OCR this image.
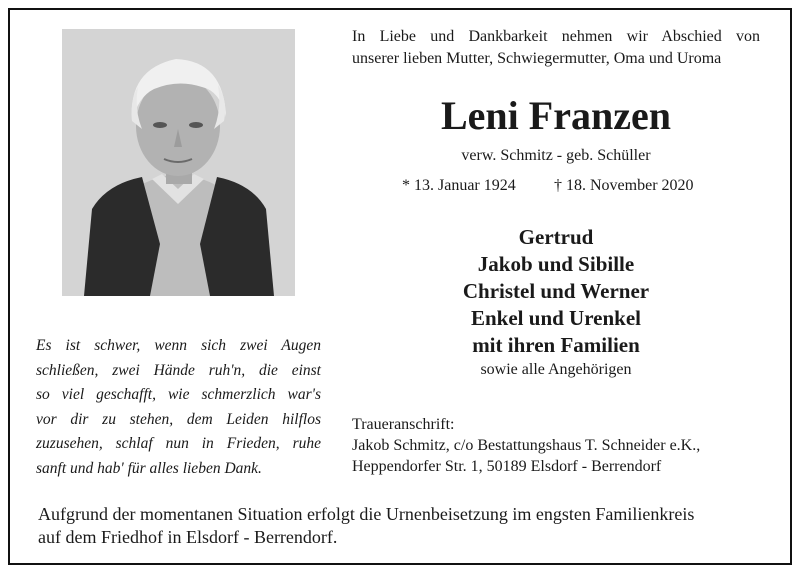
In Liebe und Dankbarkeit nehmen wir Abschied von
unserer lieben Mutter, Schwiegermutter, Oma und Uroma
Leni Franzen
verw. Schmitz - geb. Schüller
* 13. Januar 1924 † 18. November 2020
Gertrud
Jakob und Sibille
Christel und Werner
Enkel und Urenkel
mit ihren Familien
sowie alle Angehörigen
Traueranschrift:
Jakob Schmitz, c/o Bestattungshaus T. Schneider e.K.,
Heppendorfer Str. 1, 50189 Elsdorf - Berrendorf
Es ist schwer, wenn sich zwei Augen
schließen, zwei Hände ruh'n, die einst
so viel geschafft, wie schmerzlich war's
vor dir zu stehen, dem Leiden hilflos
zuzusehen, schlaf nun in Frieden, ruhe
sanft und hab' für alles lieben Dank.
Aufgrund der momentanen Situation erfolgt die Urnenbeisetzung im engsten Familienkreis
auf dem Friedhof in Elsdorf - Berrendorf.
